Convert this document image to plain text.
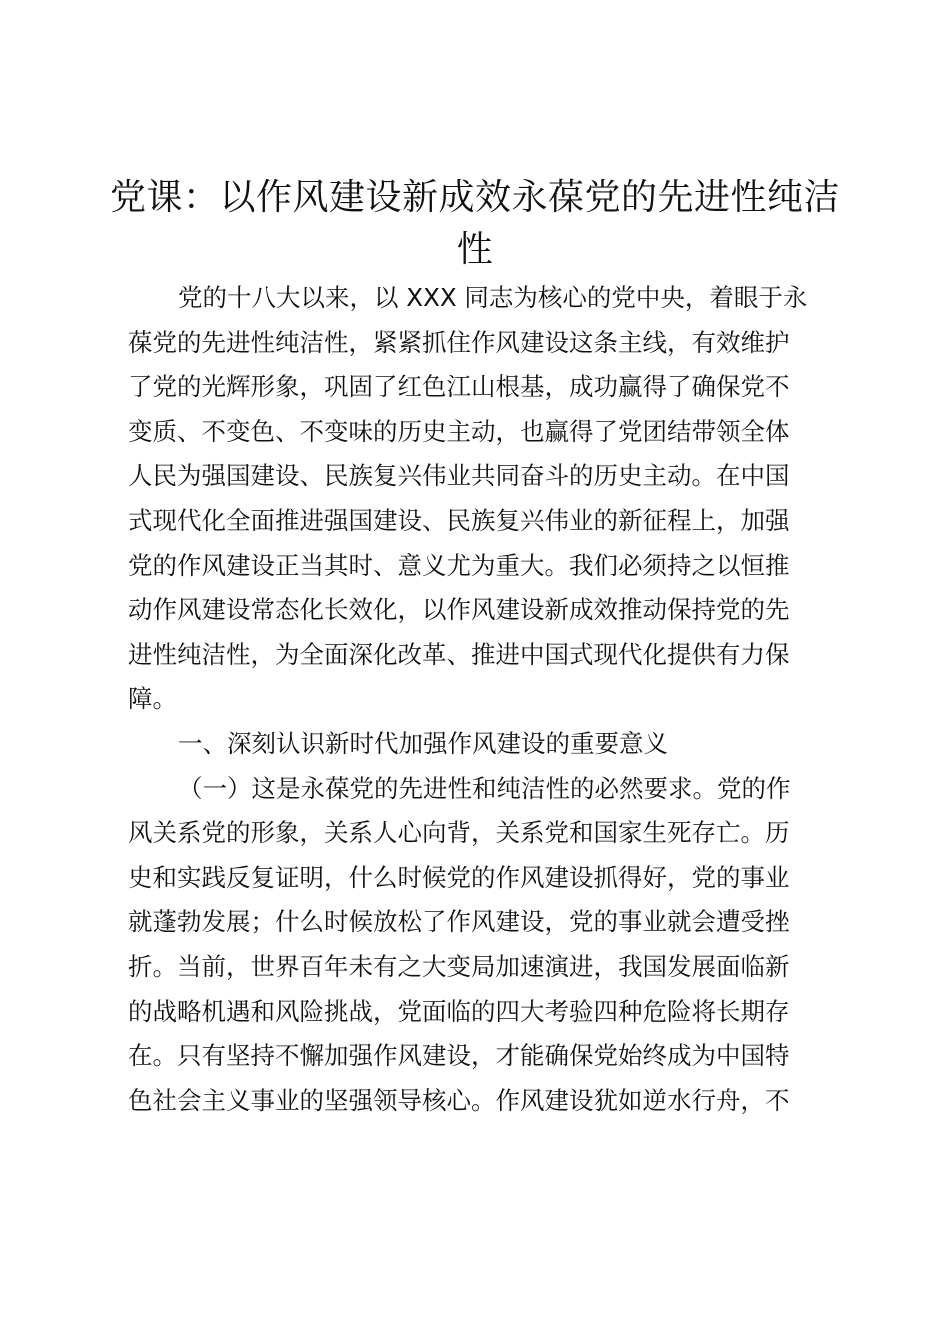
党课：以作风建设新成效永葆党的先进性纯洁性
党的十八大以来，以 XXX 同志为核心的党中央，着眼于永
葆党的先进性纯洁性，紧紧抓住作风建设这条主线，有效维护
了党的光辉形象，巩固了红色江山根基，成功赢得了确保党不
变质、不变色、不变味的历史主动，也赢得了党团结带领全体
人民为强国建设、民族复兴伟业共同奋斗的历史主动。在中国
式现代化全面推进强国建设、民族复兴伟业的新征程上，加强
党的作风建设正当其时、意义尤为重大。我们必须持之以恒推
动作风建设常态化长效化，以作风建设新成效推动保持党的先
进性纯洁性，为全面深化改革、推进中国式现代化提供有力保
障。
一、深刻认识新时代加强作风建设的重要意义
（一）这是永葆党的先进性和纯洁性的必然要求。党的作
风关系党的形象，关系人心向背，关系党和国家生死存亡。历
史和实践反复证明，什么时候党的作风建设抓得好，党的事业
就蓬勃发展；什么时候放松了作风建设，党的事业就会遭受挫
折。当前，世界百年未有之大变局加速演进，我国发展面临新
的战略机遇和风险挑战，党面临的四大考验四种危险将长期存
在。只有坚持不懈加强作风建设，才能确保党始终成为中国特
色社会主义事业的坚强领导核心。作风建设犹如逆水行舟，不
